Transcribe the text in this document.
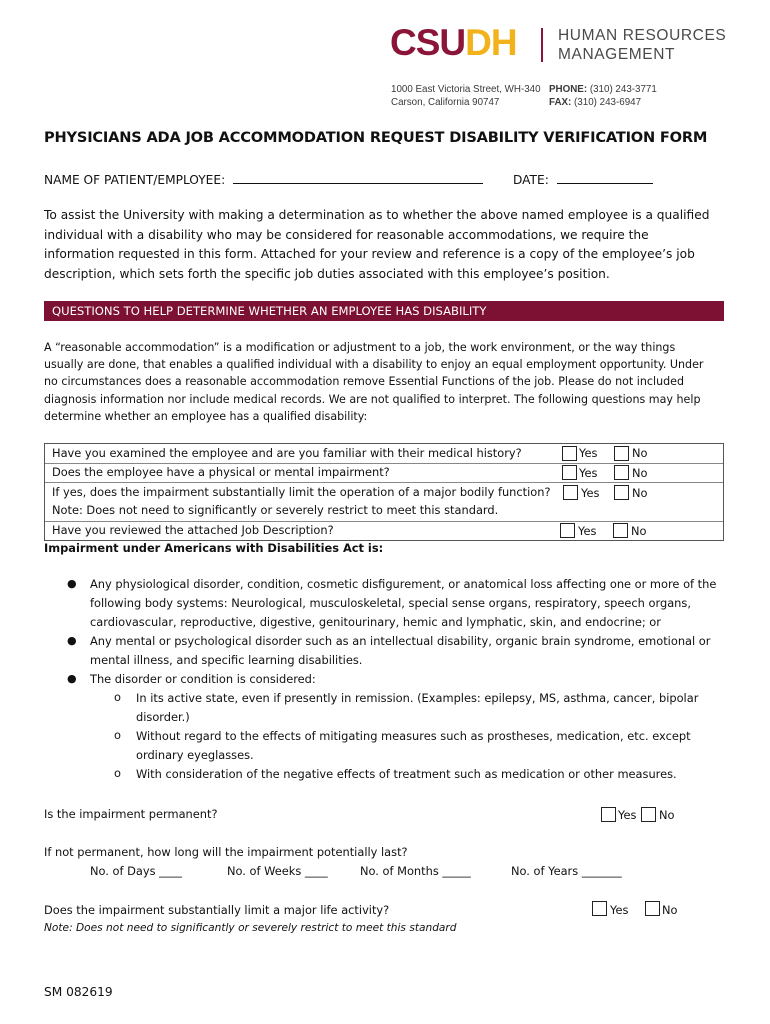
CSU DH	HUMAN RESOURCES
MANAGEMENT
1000 East Victoria Street, WH-340
Carson, California 90747
PHONE: (310) 243-3771
FAX: (310) 243-6947
PHYSICIANS ADA JOB ACCOMMODATION REQUEST DISABILITY VERIFICATION FORM
NAME OF PATIENT/EMPLOYEE:	DATE:
To assist the University with making a determination as to whether the above named employee is a qualified
individual with a disability who may be considered for reasonable accommodations, we require the
information requested in this form. Attached for your review and reference is a copy of the employee’s job
description, which sets forth the specific job duties associated with this employee’s position.
QUESTIONS TO HELP DETERMINE WHETHER AN EMPLOYEE HAS DISABILITY
A “reasonable accommodation” is a modification or adjustment to a job, the work environment, or the way things
usually are done, that enables a qualified individual with a disability to enjoy an equal employment opportunity. Under
no circumstances does a reasonable accommodation remove Essential Functions of the job. Please do not included
diagnosis information nor include medical records. We are not qualified to interpret. The following questions may help
determine whether an employee has a qualified disability:
Have you examined the employee and are you familiar with their medical history?	Yes	No
Does the employee have a physical or mental impairment?	Yes	No
If yes, does the impairment substantially limit the operation of a major bodily function?	Yes	No
Note: Does not need to significantly or severely restrict to meet this standard.
Have you reviewed the attached Job Description?	Yes	No
Impairment under Americans with Disabilities Act is:
● Any physiological disorder, condition, cosmetic disfigurement, or anatomical loss affecting one or more of the
following body systems: Neurological, musculoskeletal, special sense organs, respiratory, speech organs,
cardiovascular, reproductive, digestive, genitourinary, hemic and lymphatic, skin, and endocrine; or
● Any mental or psychological disorder such as an intellectual disability, organic brain syndrome, emotional or
mental illness, and specific learning disabilities.
● The disorder or condition is considered:
o In its active state, even if presently in remission. (Examples: epilepsy, MS, asthma, cancer, bipolar
disorder.)
o Without regard to the effects of mitigating measures such as prostheses, medication, etc. except
ordinary eyeglasses.
o With consideration of the negative effects of treatment such as medication or other measures.
Is the impairment permanent?	Yes No
If not permanent, how long will the impairment potentially last?
No. of Days ____	No. of Weeks ____	No. of Months _____	No. of Years _______
Does the impairment substantially limit a major life activity?	Yes	No
Note: Does not need to significantly or severely restrict to meet this standard
SM 082619
